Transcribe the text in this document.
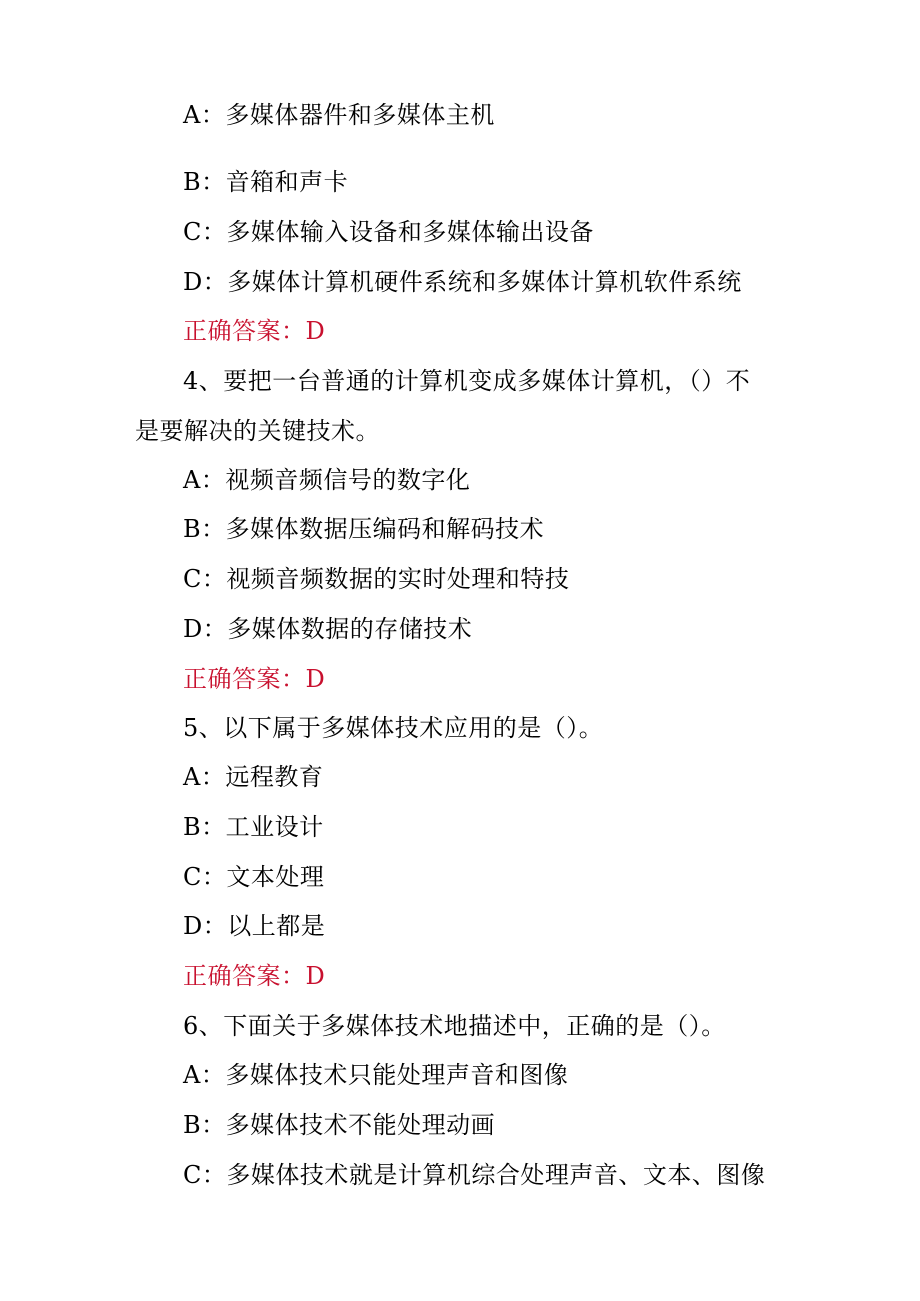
A：多媒体器件和多媒体主机
B：音箱和声卡
C：多媒体输入设备和多媒体输出设备
D：多媒体计算机硬件系统和多媒体计算机软件系统
正确答案：D
4、要把一台普通的计算机变成多媒体计算机，（）不
是要解决的关键技术。
A：视频音频信号的数字化
B：多媒体数据压编码和解码技术
C：视频音频数据的实时处理和特技
D：多媒体数据的存储技术
正确答案：D
5、以下属于多媒体技术应用的是（）。
A：远程教育
B：工业设计
C：文本处理
D：以上都是
正确答案：D
6、下面关于多媒体技术地描述中，正确的是（）。
A：多媒体技术只能处理声音和图像
B：多媒体技术不能处理动画
C：多媒体技术就是计算机综合处理声音、文本、图像
